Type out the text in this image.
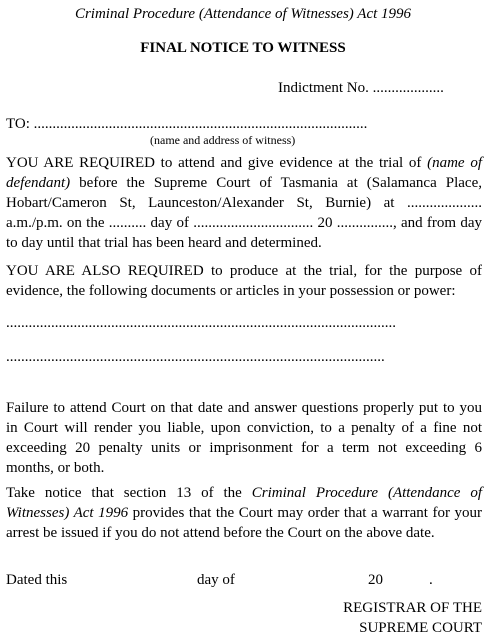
Criminal Procedure (Attendance of Witnesses) Act 1996
FINAL NOTICE TO WITNESS
Indictment No. ...................
TO: .........................................................................................
(name and address of witness)
YOU ARE REQUIRED to attend and give evidence at the trial of (name of defendant) before the Supreme Court of Tasmania at (Salamanca Place, Hobart/Cameron St, Launceston/Alexander St, Burnie) at .................... a.m./p.m. on the .......... day of ................................ 20 ..............., and from day to day until that trial has been heard and determined.
YOU ARE ALSO REQUIRED to produce at the trial, for the purpose of evidence, the following documents or articles in your possession or power:
........................................................................................................
.....................................................................................................
Failure to attend Court on that date and answer questions properly put to you in Court will render you liable, upon conviction, to a penalty of a fine not exceeding 20 penalty units or imprisonment for a term not exceeding 6 months, or both.
Take notice that section 13 of the Criminal Procedure (Attendance of Witnesses) Act 1996 provides that the Court may order that a warrant for your arrest be issued if you do not attend before the Court on the above date.
Dated this	day of	20	.
REGISTRAR OF THE
SUPREME COURT
